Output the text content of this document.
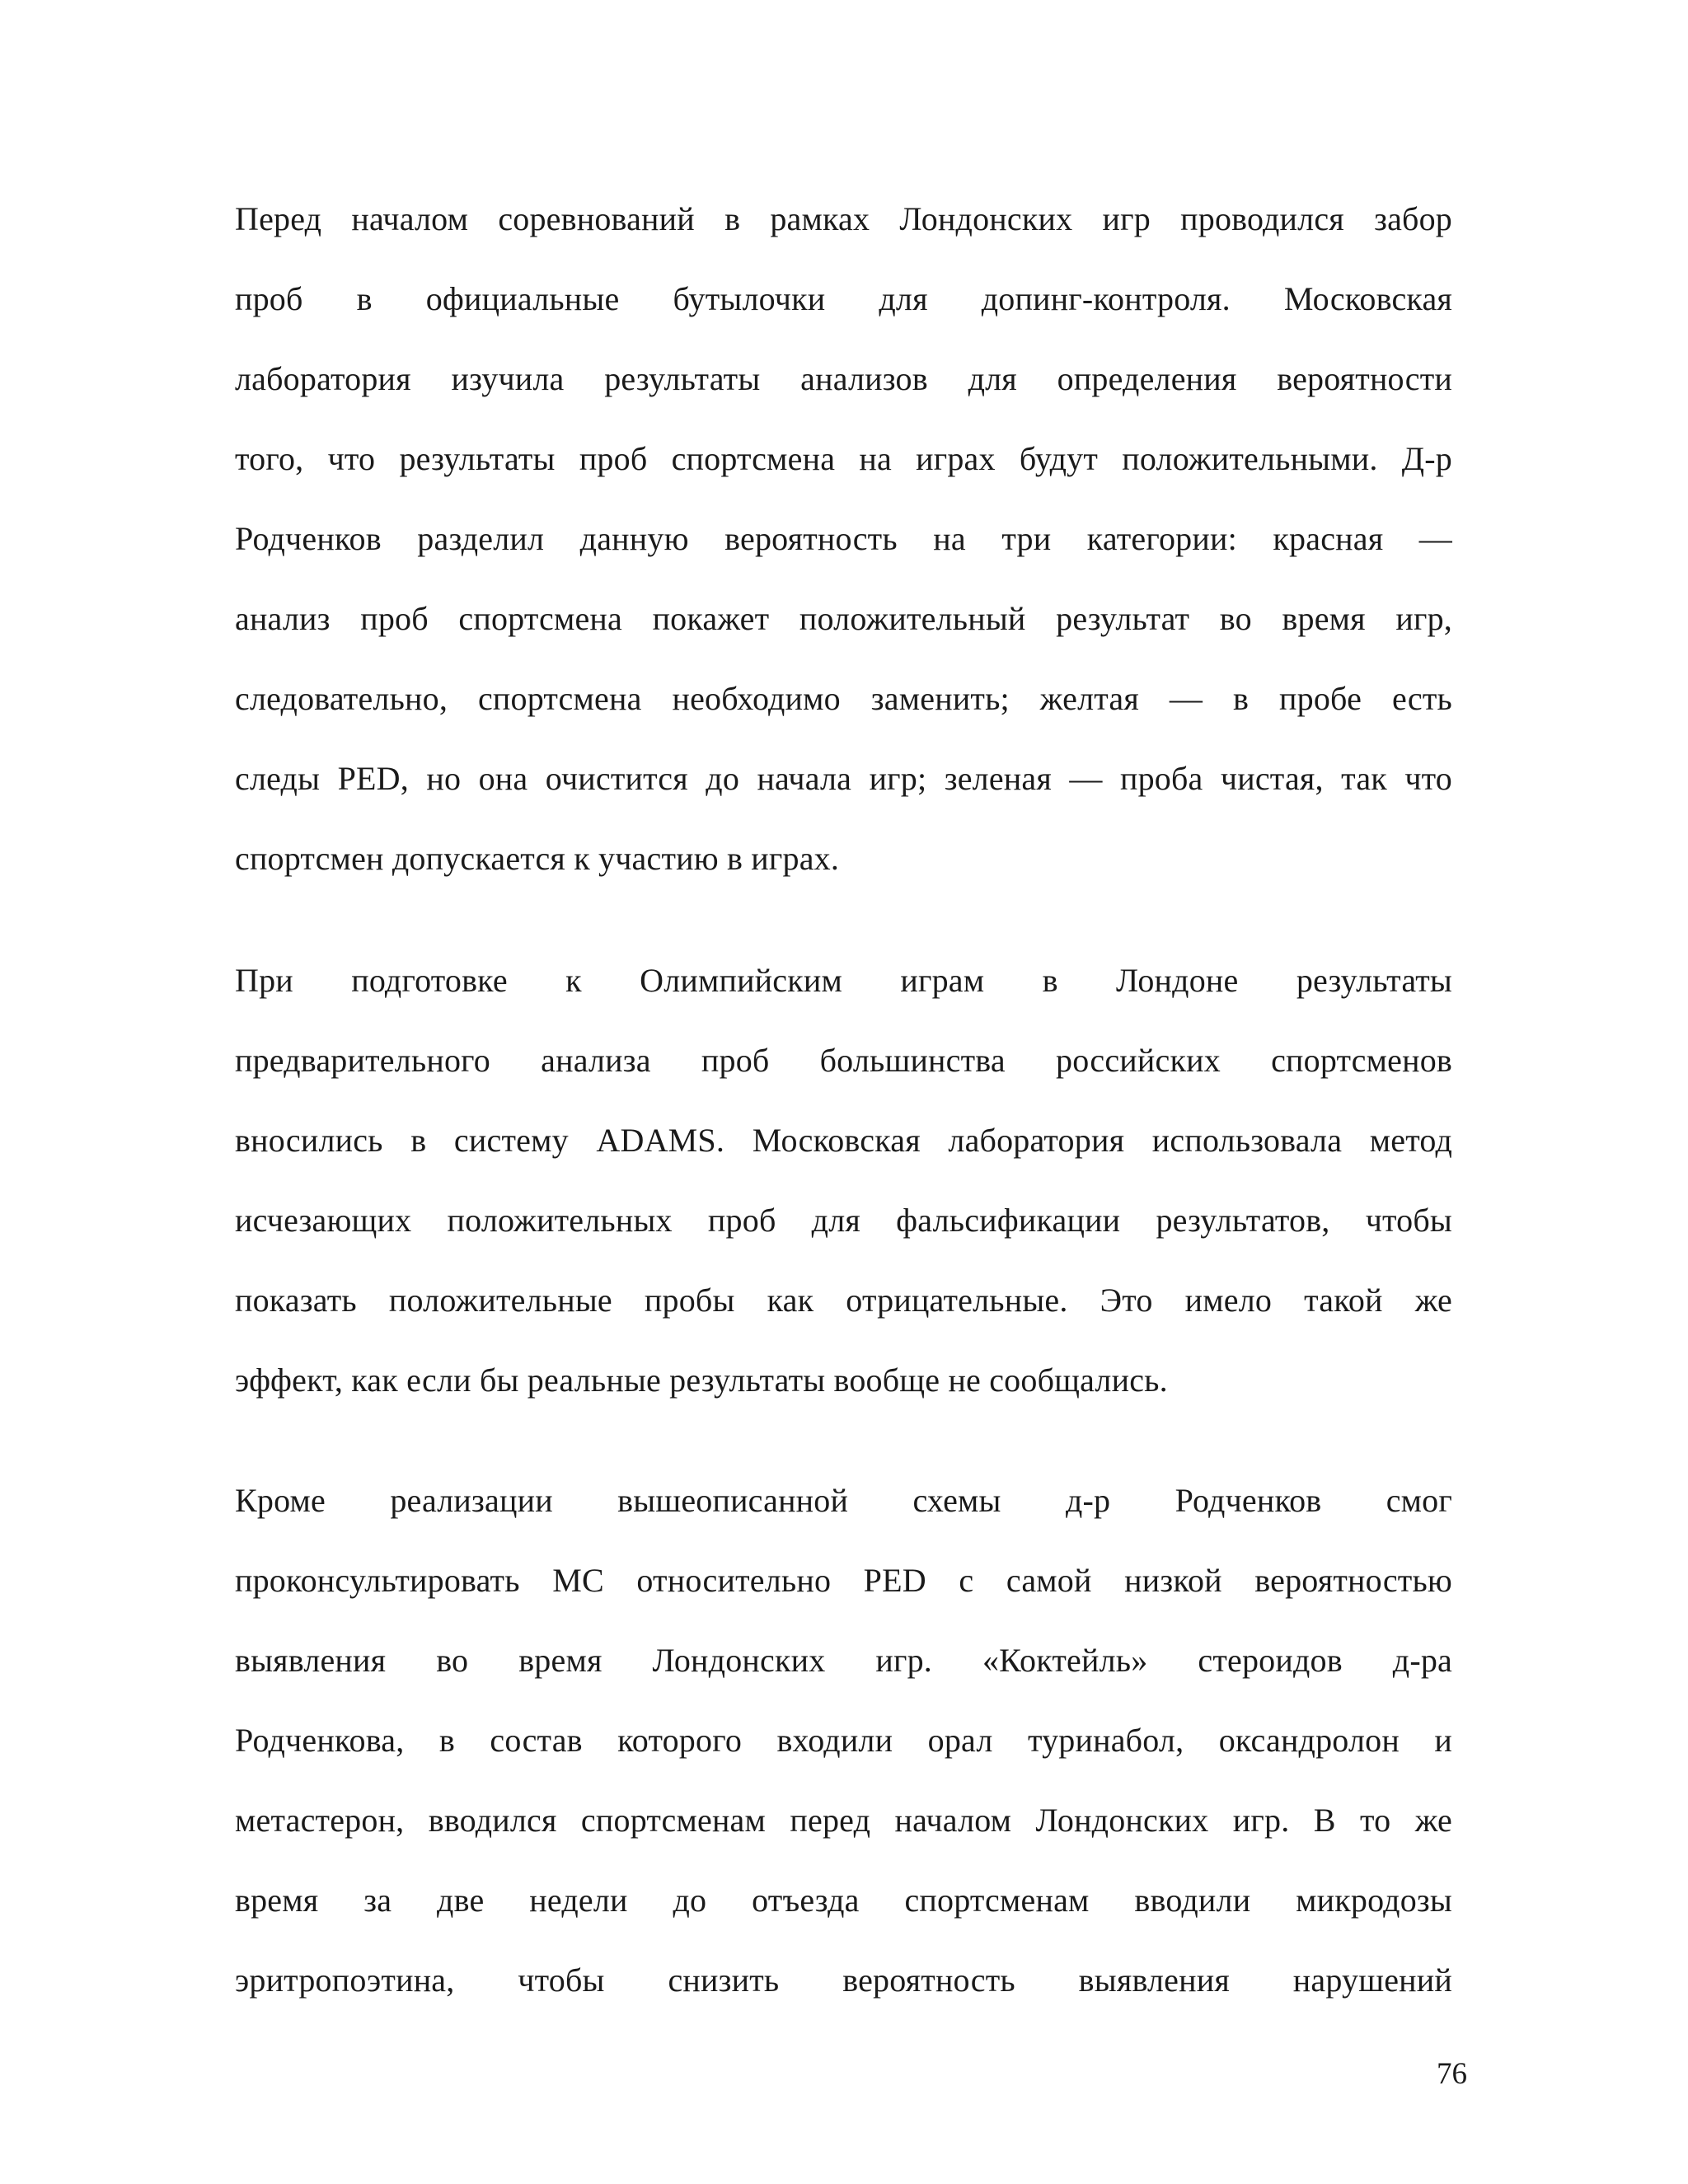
Перед началом соревнований в рамках Лондонских игр проводился забор
проб в официальные бутылочки для допинг-контроля. Московская
лаборатория изучила результаты анализов для определения вероятности
того, что результаты проб спортсмена на играх будут положительными. Д-р
Родченков разделил данную вероятность на три категории: красная —
анализ проб спортсмена покажет положительный результат во время игр,
следовательно, спортсмена необходимо заменить; желтая — в пробе есть
следы PED, но она очистится до начала игр; зеленая — проба чистая, так что
спортсмен допускается к участию в играх.
При подготовке к Олимпийским играм в Лондоне результаты
предварительного анализа проб большинства российских спортсменов
вносились в систему ADAMS. Московская лаборатория использовала метод
исчезающих положительных проб для фальсификации результатов, чтобы
показать положительные пробы как отрицательные. Это имело такой же
эффект, как если бы реальные результаты вообще не сообщались.
Кроме реализации вышеописанной схемы д-р Родченков смог
проконсультировать МС относительно PED с самой низкой вероятностью
выявления во время Лондонских игр. «Коктейль» стероидов д-ра
Родченкова, в состав которого входили орал туринабол, оксандролон и
метастерон, вводился спортсменам перед началом Лондонских игр. В то же
время за две недели до отъезда спортсменам вводили микродозы
эритропоэтина, чтобы снизить вероятность выявления нарушений
76
